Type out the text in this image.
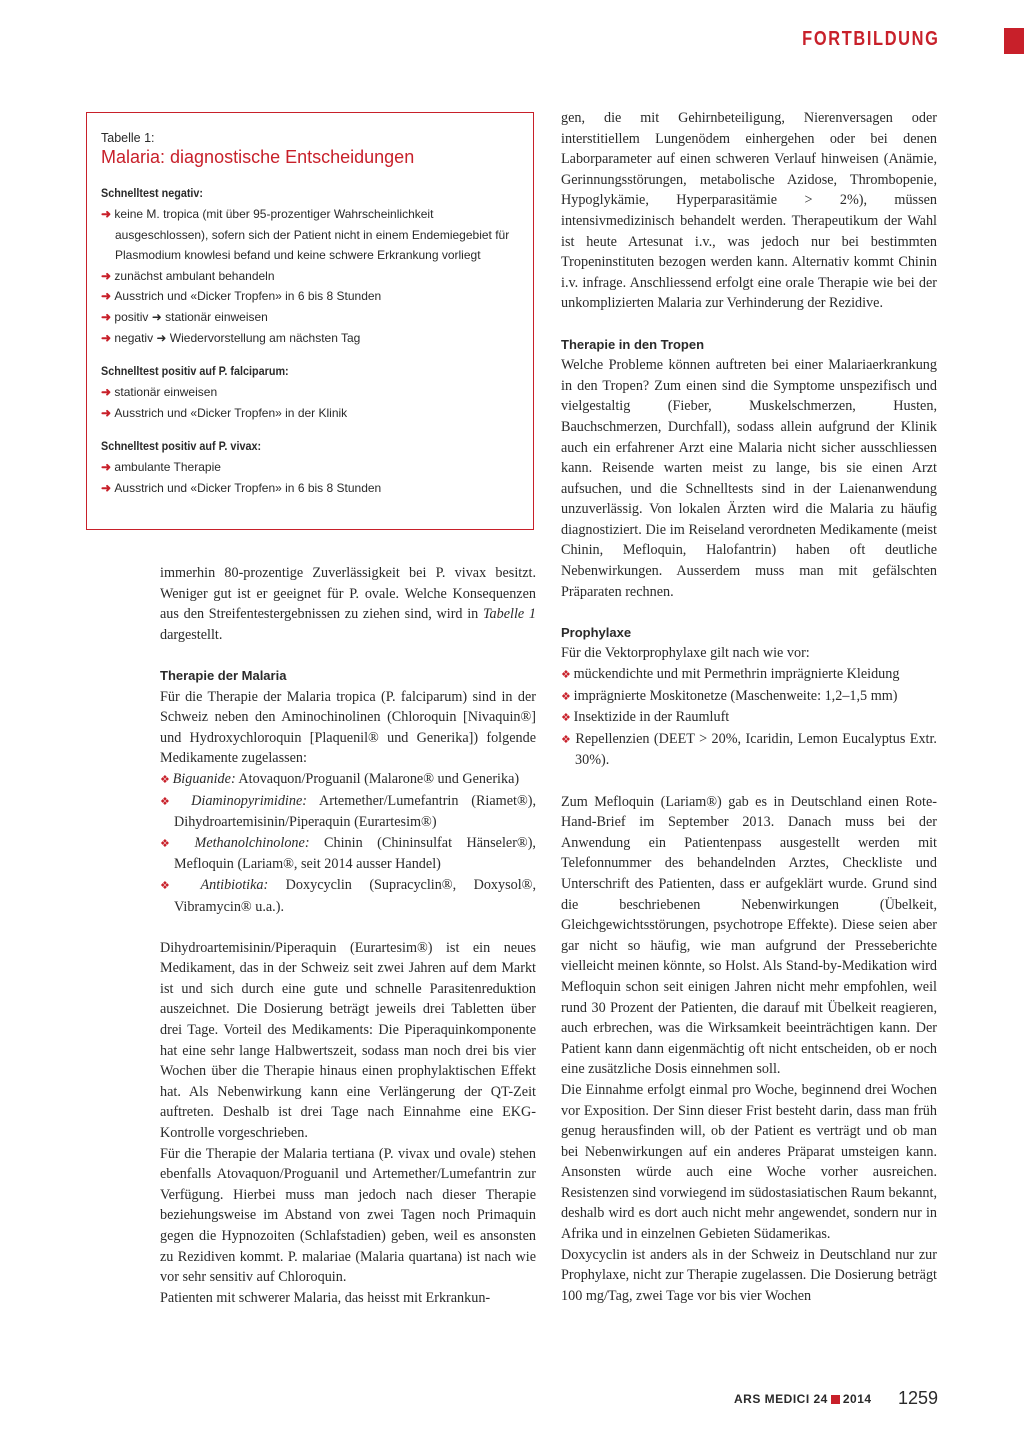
FORTBILDUNG
Tabelle 1:
Malaria: diagnostische Entscheidungen
Schnelltest negativ:
➜ keine M. tropica (mit über 95-prozentiger Wahrscheinlichkeit ausgeschlossen), sofern sich der Patient nicht in einem Endemiegebiet für Plasmodium knowlesi befand und keine schwere Erkrankung vorliegt
➜ zunächst ambulant behandeln
➜ Ausstrich und «Dicker Tropfen» in 6 bis 8 Stunden
➜ positiv ➜ stationär einweisen
➜ negativ ➜ Wiedervorstellung am nächsten Tag
Schnelltest positiv auf P. falciparum:
➜ stationär einweisen
➜ Ausstrich und «Dicker Tropfen» in der Klinik
Schnelltest positiv auf P. vivax:
➜ ambulante Therapie
➜ Ausstrich und «Dicker Tropfen» in 6 bis 8 Stunden

immerhin 80-prozentige Zuverlässigkeit bei P. vivax besitzt. Weniger gut ist er geeignet für P. ovale. Welche Konsequenzen aus den Streifentestergebnissen zu ziehen sind, wird in Tabelle 1 dargestellt.

Therapie der Malaria

Für die Therapie der Malaria tropica (P. falciparum) sind in der Schweiz neben den Aminochinolinen (Chloroquin [Nivaquin®] und Hydroxychloroquin [Plaquenil® und Generika]) folgende Medikamente zugelassen:

❖ Biguanide: Atovaquon/Proguanil (Malarone® und Generika)

❖ Diaminopyrimidine: Artemether/Lumefantrin (Riamet®), Dihydroartemisinin/Piperaquin (Eurartesim®)

❖ Methanolchinolone: Chinin (Chininsulfat Hänseler®), Mefloquin (Lariam®, seit 2014 ausser Handel)

❖ Antibiotika: Doxycyclin (Supracyclin®, Doxysol®, Vibramycin® u.a.).

Dihydroartemisinin/Piperaquin (Eurartesim®) ist ein neues Medikament, das in der Schweiz seit zwei Jahren auf dem Markt ist und sich durch eine gute und schnelle Parasitenreduktion auszeichnet. Die Dosierung beträgt jeweils drei Tabletten über drei Tage. Vorteil des Medikaments: Die Piperaquinkomponente hat eine sehr lange Halbwertszeit, sodass man noch drei bis vier Wochen über die Therapie hinaus einen prophylaktischen Effekt hat. Als Nebenwirkung kann eine Verlängerung der QT-Zeit auftreten. Deshalb ist drei Tage nach Einnahme eine EKG-Kontrolle vorgeschrieben.

Für die Therapie der Malaria tertiana (P. vivax und ovale) stehen ebenfalls Atovaquon/Proguanil und Artemether/Lumefantrin zur Verfügung. Hierbei muss man jedoch nach dieser Therapie beziehungsweise im Abstand von zwei Tagen noch Primaquin gegen die Hypnozoiten (Schlafstadien) geben, weil es ansonsten zu Rezidiven kommt. P. malariae (Malaria quartana) ist nach wie vor sehr sensitiv auf Chloroquin.

Patienten mit schwerer Malaria, das heisst mit Erkrankun-

gen, die mit Gehirnbeteiligung, Nierenversagen oder interstitiellem Lungenödem einhergehen oder bei denen Laborparameter auf einen schweren Verlauf hinweisen (Anämie, Gerinnungsstörungen, metabolische Azidose, Thrombopenie, Hypoglykämie, Hyperparasitämie > 2%), müssen intensivmedizinisch behandelt werden. Therapeutikum der Wahl ist heute Artesunat i.v., was jedoch nur bei bestimmten Tropeninstituten bezogen werden kann. Alternativ kommt Chinin i.v. infrage. Anschliessend erfolgt eine orale Therapie wie bei der unkomplizierten Malaria zur Verhinderung der Rezidive.

Therapie in den Tropen

Welche Probleme können auftreten bei einer Malariaerkrankung in den Tropen? Zum einen sind die Symptome unspezifisch und vielgestaltig (Fieber, Muskelschmerzen, Husten, Bauchschmerzen, Durchfall), sodass allein aufgrund der Klinik auch ein erfahrener Arzt eine Malaria nicht sicher ausschliessen kann. Reisende warten meist zu lange, bis sie einen Arzt aufsuchen, und die Schnelltests sind in der Laienanwendung unzuverlässig. Von lokalen Ärzten wird die Malaria zu häufig diagnostiziert. Die im Reiseland verordneten Medikamente (meist Chinin, Mefloquin, Halofantrin) haben oft deutliche Nebenwirkungen. Ausserdem muss man mit gefälschten Präparaten rechnen.

Prophylaxe

Für die Vektorprophylaxe gilt nach wie vor:

❖ mückendichte und mit Permethrin imprägnierte Kleidung

❖ imprägnierte Moskitonetze (Maschenweite: 1,2–1,5 mm)

❖ Insektizide in der Raumluft

❖ Repellenzien (DEET > 20%, Icaridin, Lemon Eucalyptus Extr. 30%).

Zum Mefloquin (Lariam®) gab es in Deutschland einen Rote-Hand-Brief im September 2013. Danach muss bei der Anwendung ein Patientenpass ausgestellt werden mit Telefonnummer des behandelnden Arztes, Checkliste und Unterschrift des Patienten, dass er aufgeklärt wurde. Grund sind die beschriebenen Nebenwirkungen (Übelkeit, Gleichgewichtsstörungen, psychotrope Effekte). Diese seien aber gar nicht so häufig, wie man aufgrund der Presseberichte vielleicht meinen könnte, so Holst. Als Stand-by-Medikation wird Mefloquin schon seit einigen Jahren nicht mehr empfohlen, weil rund 30 Prozent der Patienten, die darauf mit Übelkeit reagieren, auch erbrechen, was die Wirksamkeit beeinträchtigen kann. Der Patient kann dann eigenmächtig oft nicht entscheiden, ob er noch eine zusätzliche Dosis einnehmen soll.

Die Einnahme erfolgt einmal pro Woche, beginnend drei Wochen vor Exposition. Der Sinn dieser Frist besteht darin, dass man früh genug herausfinden will, ob der Patient es verträgt und ob man bei Nebenwirkungen auf ein anderes Präparat umsteigen kann. Ansonsten würde auch eine Woche vorher ausreichen. Resistenzen sind vorwiegend im südostasiatischen Raum bekannt, deshalb wird es dort auch nicht mehr angewendet, sondern nur in Afrika und in einzelnen Gebieten Südamerikas.

Doxycyclin ist anders als in der Schweiz in Deutschland nur zur Prophylaxe, nicht zur Therapie zugelassen. Die Dosierung beträgt 100 mg/Tag, zwei Tage vor bis vier Wochen

ARS MEDICI 24 2014 1259
